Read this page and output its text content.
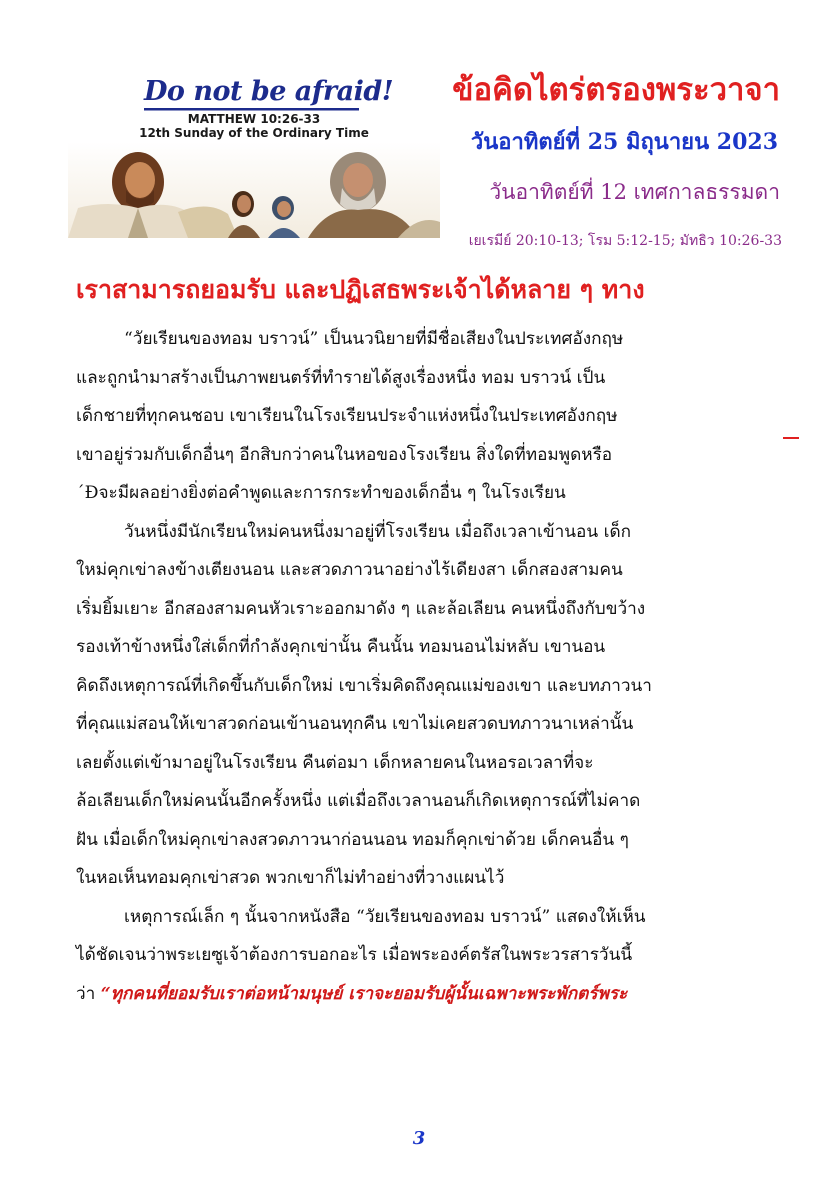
Do not be afraid!
MATTHEW 10:26-33
12th Sunday of the Ordinary Time
ข้อคิดไตร่ตรองพระวาจา
วันอาทิตย์ที่ 25 มิถุนายน 2023
วันอาทิตย์ที่ 12 เทศกาลธรรมดา
เยเรมีย์ 20:10-13; โรม 5:12-15; มัทธิว 10:26-33
เราสามารถยอมรับ และปฏิเสธพระเจ้าได้หลาย ๆ ทาง
“วัยเรียนของทอม บราวน์” เป็นนวนิยายที่มีชื่อเสียงในประเทศอังกฤษ
และถูกนำมาสร้างเป็นภาพยนตร์ที่ทำรายได้สูงเรื่องหนึ่ง ทอม บราวน์ เป็น
เด็กชายที่ทุกคนชอบ เขาเรียนในโรงเรียนประจำแห่งหนึ่งในประเทศอังกฤษ
เขาอยู่ร่วมกับเด็กอื่นๆ อีกสิบกว่าคนในหอของโรงเรียน สิ่งใดที่ทอมพูดหรือ
´Ðจะมีผลอย่างยิ่งต่อคำพูดและการกระทำของเด็กอื่น ๆ ในโรงเรียน
วันหนึ่งมีนักเรียนใหม่คนหนึ่งมาอยู่ที่โรงเรียน เมื่อถึงเวลาเข้านอน เด็ก
ใหม่คุกเข่าลงข้างเตียงนอน และสวดภาวนาอย่างไร้เดียงสา เด็กสองสามคน
เริ่มยิ้มเยาะ อีกสองสามคนหัวเราะออกมาดัง ๆ และล้อเลียน คนหนึ่งถึงกับขว้าง
รองเท้าข้างหนึ่งใส่เด็กที่กำลังคุกเข่านั้น คืนนั้น ทอมนอนไม่หลับ เขานอน
คิดถึงเหตุการณ์ที่เกิดขึ้นกับเด็กใหม่ เขาเริ่มคิดถึงคุณแม่ของเขา และบทภาวนา
ที่คุณแม่สอนให้เขาสวดก่อนเข้านอนทุกคืน เขาไม่เคยสวดบทภาวนาเหล่านั้น
เลยตั้งแต่เข้ามาอยู่ในโรงเรียน คืนต่อมา เด็กหลายคนในหอรอเวลาที่จะ
ล้อเลียนเด็กใหม่คนนั้นอีกครั้งหนึ่ง แต่เมื่อถึงเวลานอนก็เกิดเหตุการณ์ที่ไม่คาด
ฝัน เมื่อเด็กใหม่คุกเข่าลงสวดภาวนาก่อนนอน ทอมก็คุกเข่าด้วย เด็กคนอื่น ๆ
ในหอเห็นทอมคุกเข่าสวด พวกเขาก็ไม่ทำอย่างที่วางแผนไว้
เหตุการณ์เล็ก ๆ นั้นจากหนังสือ “วัยเรียนของทอม บราวน์” แสดงให้เห็น
ได้ชัดเจนว่าพระเยซูเจ้าต้องการบอกอะไร เมื่อพระองค์ตรัสในพระวรสารวันนี้
ว่า “ทุกคนที่ยอมรับเราต่อหน้ามนุษย์ เราจะยอมรับผู้นั้นเฉพาะพระพักตร์พระ
3
